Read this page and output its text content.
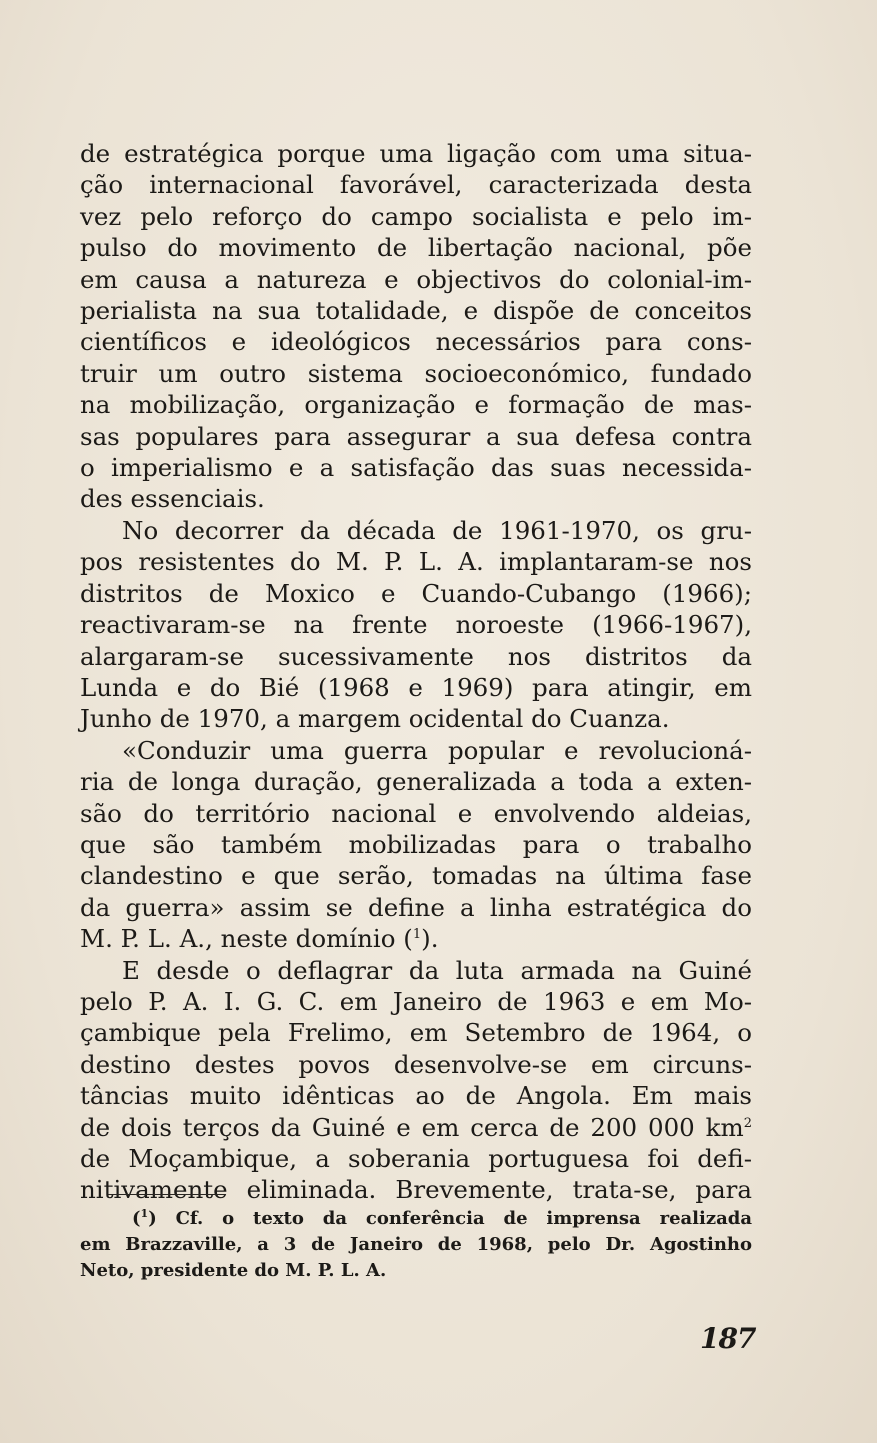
de estratégica porque uma ligação com uma situa-
ção internacional favorável, caracterizada desta
vez pelo reforço do campo socialista e pelo im-
pulso do movimento de libertação nacional, põe
em causa a natureza e objectivos do colonial-im-
perialista na sua totalidade, e dispõe de conceitos
científicos e ideológicos necessários para cons-
truir um outro sistema socioeconómico, fundado
na mobilização, organização e formação de mas-
sas populares para assegurar a sua defesa contra
o imperialismo e a satisfação das suas necessida-
des essenciais.

No decorrer da década de 1961-1970, os gru-
pos resistentes do M. P. L. A. implantaram-se nos
distritos de Moxico e Cuando-Cubango (1966);
reactivaram-se na frente noroeste (1966-1967),
alargaram-se sucessivamente nos distritos da
Lunda e do Bié (1968 e 1969) para atingir, em
Junho de 1970, a margem ocidental do Cuanza.

«Conduzir uma guerra popular e revolucioná-
ria de longa duração, generalizada a toda a exten-
são do território nacional e envolvendo aldeias,
que são também mobilizadas para o trabalho
clandestino e que serão, tomadas na última fase
da guerra» assim se define a linha estratégica do
M. P. L. A., neste domínio ($^1$).

E desde o deflagrar da luta armada na Guiné
pelo P. A. I. G. C. em Janeiro de 1963 e em Mo-
çambique pela Frelimo, em Setembro de 1964, o
destino destes povos desenvolve-se em circuns-
tâncias muito idênticas ao de Angola. Em mais
de dois terços da Guiné e em cerca de 200 000 km$^2$
de Moçambique, a soberania portuguesa foi defi-
nitivamente eliminada. Brevemente, trata-se, para

($^1$) Cf. o texto da conferência de imprensa realizada
em Brazzaville, a 3 de Janeiro de 1968, pelo Dr. Agostinho
Neto, presidente do M. P. L. A.
187
